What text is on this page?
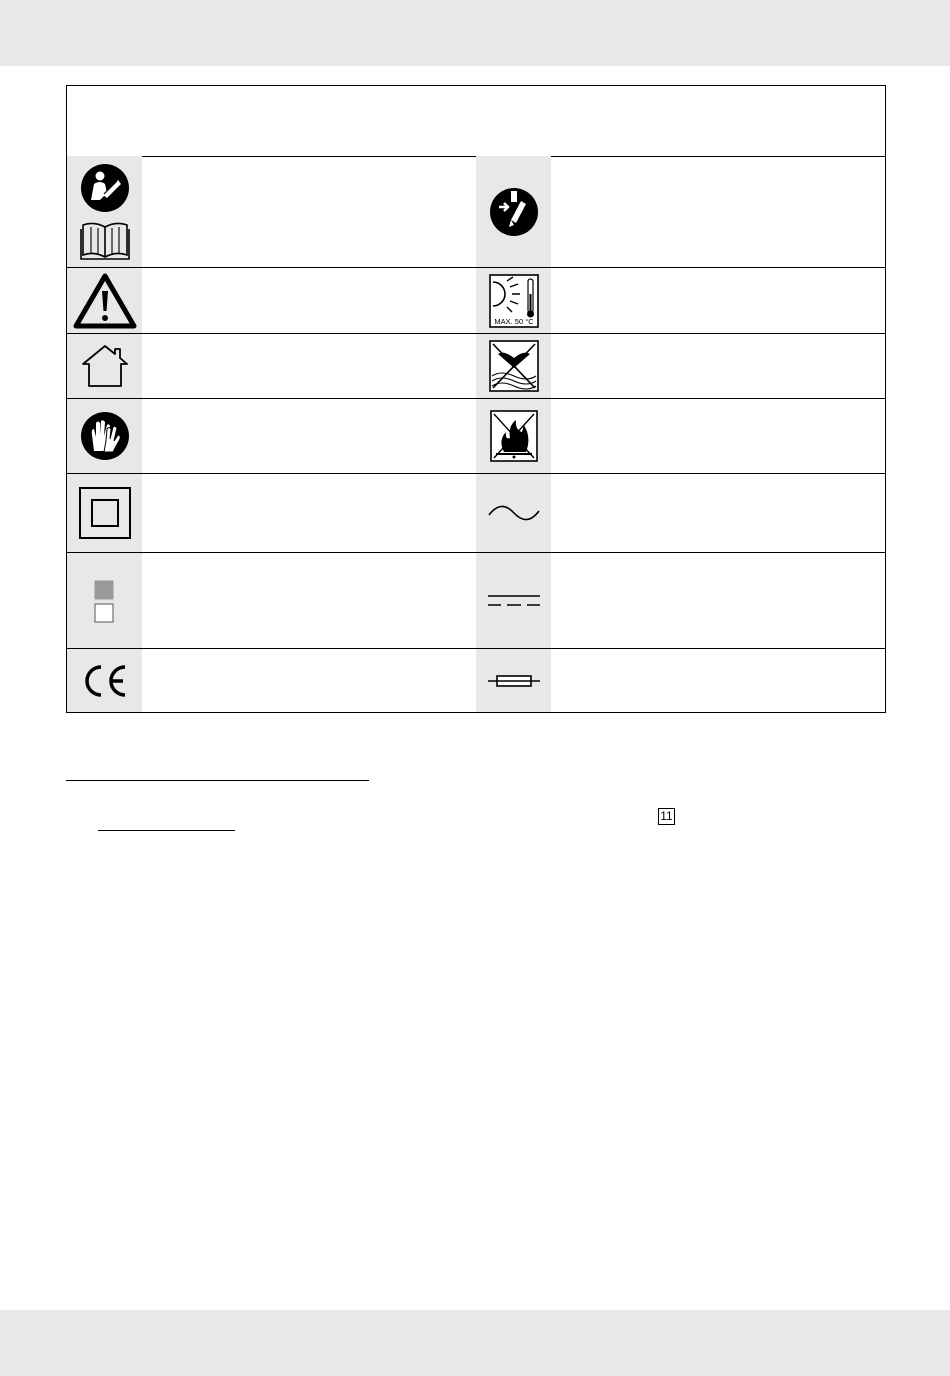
MAX. 50 °C
11
